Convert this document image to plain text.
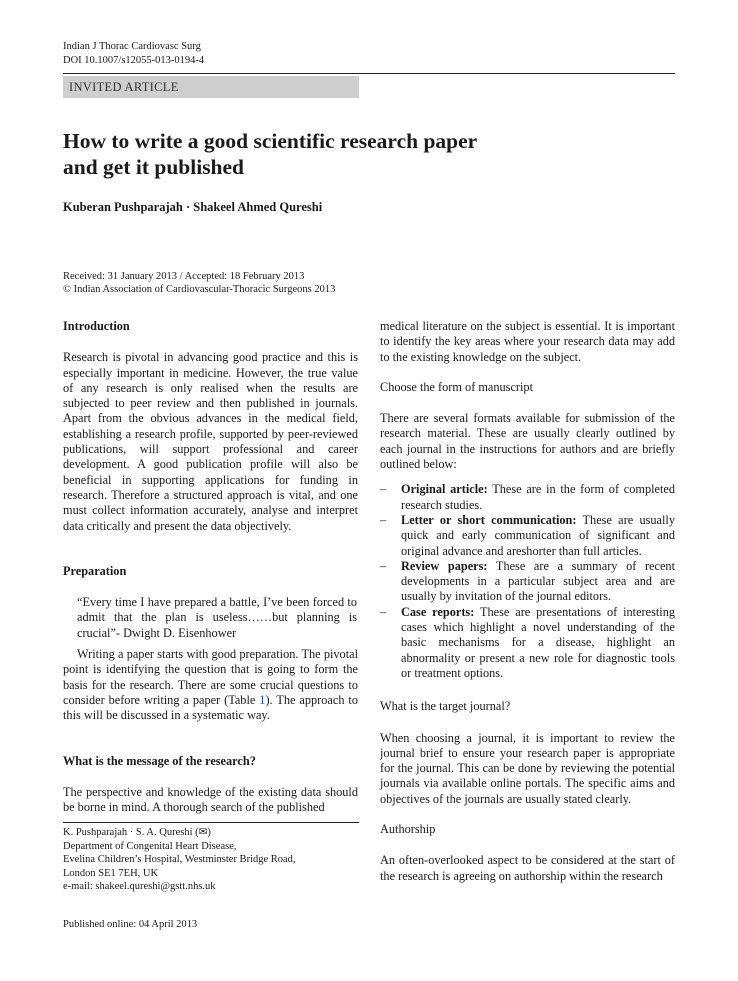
Indian J Thorac Cardiovasc Surg
DOI 10.1007/s12055-013-0194-4
INVITED ARTICLE
How to write a good scientific research paper
and get it published
Kuberan Pushparajah · Shakeel Ahmed Qureshi
Received: 31 January 2013 / Accepted: 18 February 2013
© Indian Association of Cardiovascular-Thoracic Surgeons 2013

Introduction

Research is pivotal in advancing good practice and this is especially important in medicine. However, the true value of any research is only realised when the results are subjected to peer review and then published in journals. Apart from the obvious advances in the medical field, establishing a research profile, supported by peer-reviewed publications, will support professional and career development. A good publication profile will also be beneficial in supporting applications for funding in research. Therefore a structured approach is vital, and one must collect information accurately, analyse and interpret data critically and present the data objectively.

Preparation

“Every time I have prepared a battle, I’ve been forced to admit that the plan is useless……but planning is crucial”- Dwight D. Eisenhower

Writing a paper starts with good preparation. The pivotal point is identifying the question that is going to form the basis for the research. There are some crucial questions to consider before writing a paper (Table 1). The approach to this will be discussed in a systematic way.

What is the message of the research?

The perspective and knowledge of the existing data should be borne in mind. A thorough search of the published

K. Pushparajah · S. A. Qureshi (✉)
Department of Congenital Heart Disease,
Evelina Children’s Hospital, Westminster Bridge Road,
London SE1 7EH, UK
e-mail: shakeel.qureshi@gstt.nhs.uk
Published online: 04 April 2013

medical literature on the subject is essential. It is important to identify the key areas where your research data may add to the existing knowledge on the subject.

Choose the form of manuscript

There are several formats available for submission of the research material. These are usually clearly outlined by each journal in the instructions for authors and are briefly outlined below:

– Original article: These are in the form of completed research studies.
– Letter or short communication: These are usually quick and early communication of significant and original advance and areshorter than full articles.
– Review papers: These are a summary of recent developments in a particular subject area and are usually by invitation of the journal editors.
– Case reports: These are presentations of interesting cases which highlight a novel understanding of the basic mechanisms for a disease, highlight an abnormality or present a new role for diagnostic tools or treatment options.

What is the target journal?

When choosing a journal, it is important to review the journal brief to ensure your research paper is appropriate for the journal. This can be done by reviewing the potential journals via available online portals. The specific aims and objectives of the journals are usually stated clearly.

Authorship

An often-overlooked aspect to be considered at the start of the research is agreeing on authorship within the research
